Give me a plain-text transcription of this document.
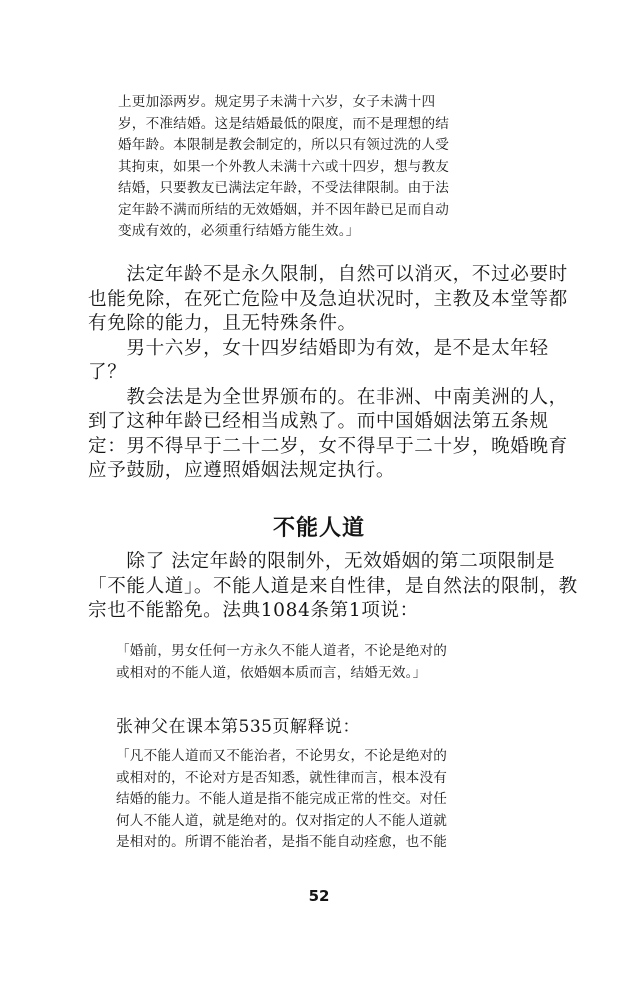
上更加添两岁。规定男子未满十六岁，女子未满十四
岁，不准结婚。这是结婚最低的限度，而不是理想的结
婚年龄。本限制是教会制定的，所以只有领过洗的人受
其拘束，如果一个外教人未满十六或十四岁，想与教友
结婚，只要教友已满法定年龄，不受法律限制。由于法
定年龄不满而所结的无效婚姻，并不因年龄已足而自动
变成有效的，必须重行结婚方能生效。」
　　法定年龄不是永久限制，自然可以消灭，不过必要时
也能免除，在死亡危险中及急迫状况时，主教及本堂等都
有免除的能力，且无特殊条件。
　　男十六岁，女十四岁结婚即为有效，是不是太年轻
了？
　　教会法是为全世界颁布的。在非洲、中南美洲的人，
到了这种年龄已经相当成熟了。而中国婚姻法第五条规
定：男不得早于二十二岁，女不得早于二十岁，晚婚晚育
应予鼓励，应遵照婚姻法规定执行。
不能人道
　　除了 法定年龄的限制外，无效婚姻的第二项限制是
「不能人道」。不能人道是来自性律，是自然法的限制，教
宗也不能豁免。法典1084条第1项说：
「婚前，男女任何一方永久不能人道者，不论是绝对的
或相对的不能人道，依婚姻本质而言，结婚无效。」
张神父在课本第535页解释说：
「凡不能人道而又不能治者，不论男女，不论是绝对的
或相对的，不论对方是否知悉，就性律而言，根本没有
结婚的能力。不能人道是指不能完成正常的性交。对任
何人不能人道，就是绝对的。仅对指定的人不能人道就
是相对的。所谓不能治者，是指不能自动痊愈，也不能
52
